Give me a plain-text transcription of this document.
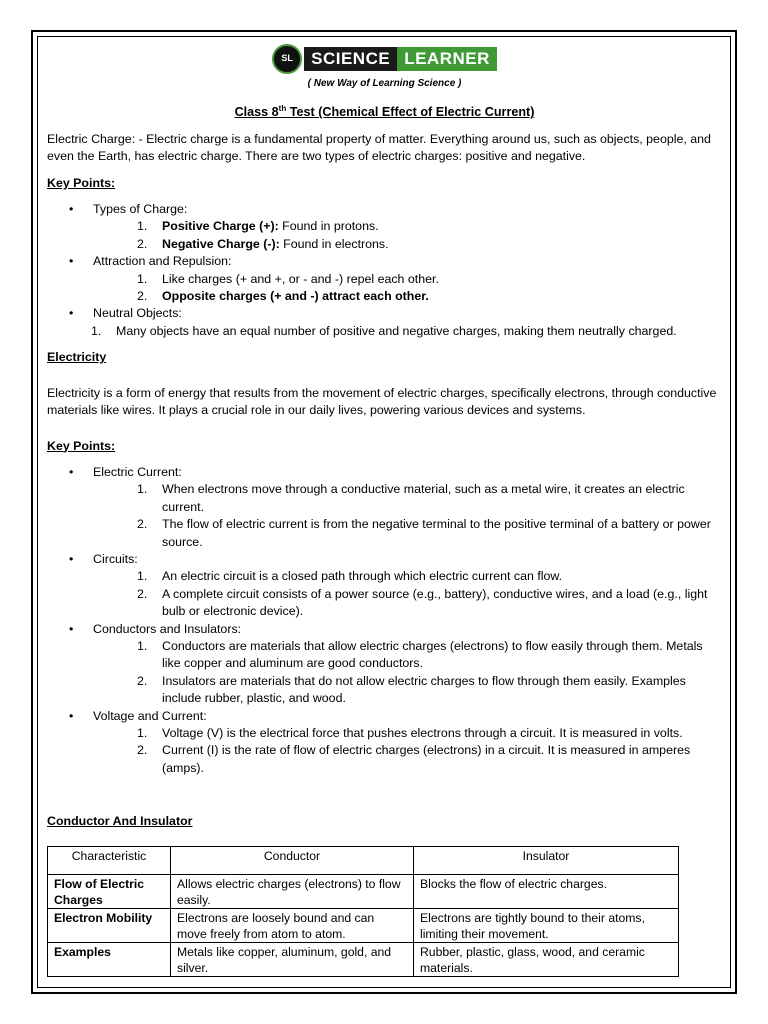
SL	SCIENCE LEARNER
( New Way of Learning Science )
Class 8th Test (Chemical Effect of Electric Current)

Electric Charge: - Electric charge is a fundamental property of matter. Everything around us, such as objects, people, and even the Earth, has electric charge. There are two types of electric charges: positive and negative.

Key Points:
• Types of Charge:
1. Positive Charge (+): Found in protons.
2. Negative Charge (-): Found in electrons.
• Attraction and Repulsion:
1. Like charges (+ and +, or - and -) repel each other.
2. Opposite charges (+ and -) attract each other.
• Neutral Objects:
1. Many objects have an equal number of positive and negative charges, making them neutrally charged.
Electricity

Electricity is a form of energy that results from the movement of electric charges, specifically electrons, through conductive materials like wires. It plays a crucial role in our daily lives, powering various devices and systems.

Key Points:
• Electric Current:
1. When electrons move through a conductive material, such as a metal wire, it creates an electric current.
2. The flow of electric current is from the negative terminal to the positive terminal of a battery or power source.
• Circuits:
1. An electric circuit is a closed path through which electric current can flow.
2. A complete circuit consists of a power source (e.g., battery), conductive wires, and a load (e.g., light bulb or electronic device).
• Conductors and Insulators:
1. Conductors are materials that allow electric charges (electrons) to flow easily through them. Metals like copper and aluminum are good conductors.
2. Insulators are materials that do not allow electric charges to flow through them easily. Examples include rubber, plastic, and wood.
• Voltage and Current:
1. Voltage (V) is the electrical force that pushes electrons through a circuit. It is measured in volts.
2. Current (I) is the rate of flow of electric charges (electrons) in a circuit. It is measured in amperes (amps).
Conductor And Insulator
Characteristic	Conductor	Insulator
Flow of Electric Charges	Allows electric charges (electrons) to flow easily.	Blocks the flow of electric charges.
Electron Mobility	Electrons are loosely bound and can move freely from atom to atom.	Electrons are tightly bound to their atoms, limiting their movement.
Examples	Metals like copper, aluminum, gold, and silver.	Rubber, plastic, glass, wood, and ceramic materials.
